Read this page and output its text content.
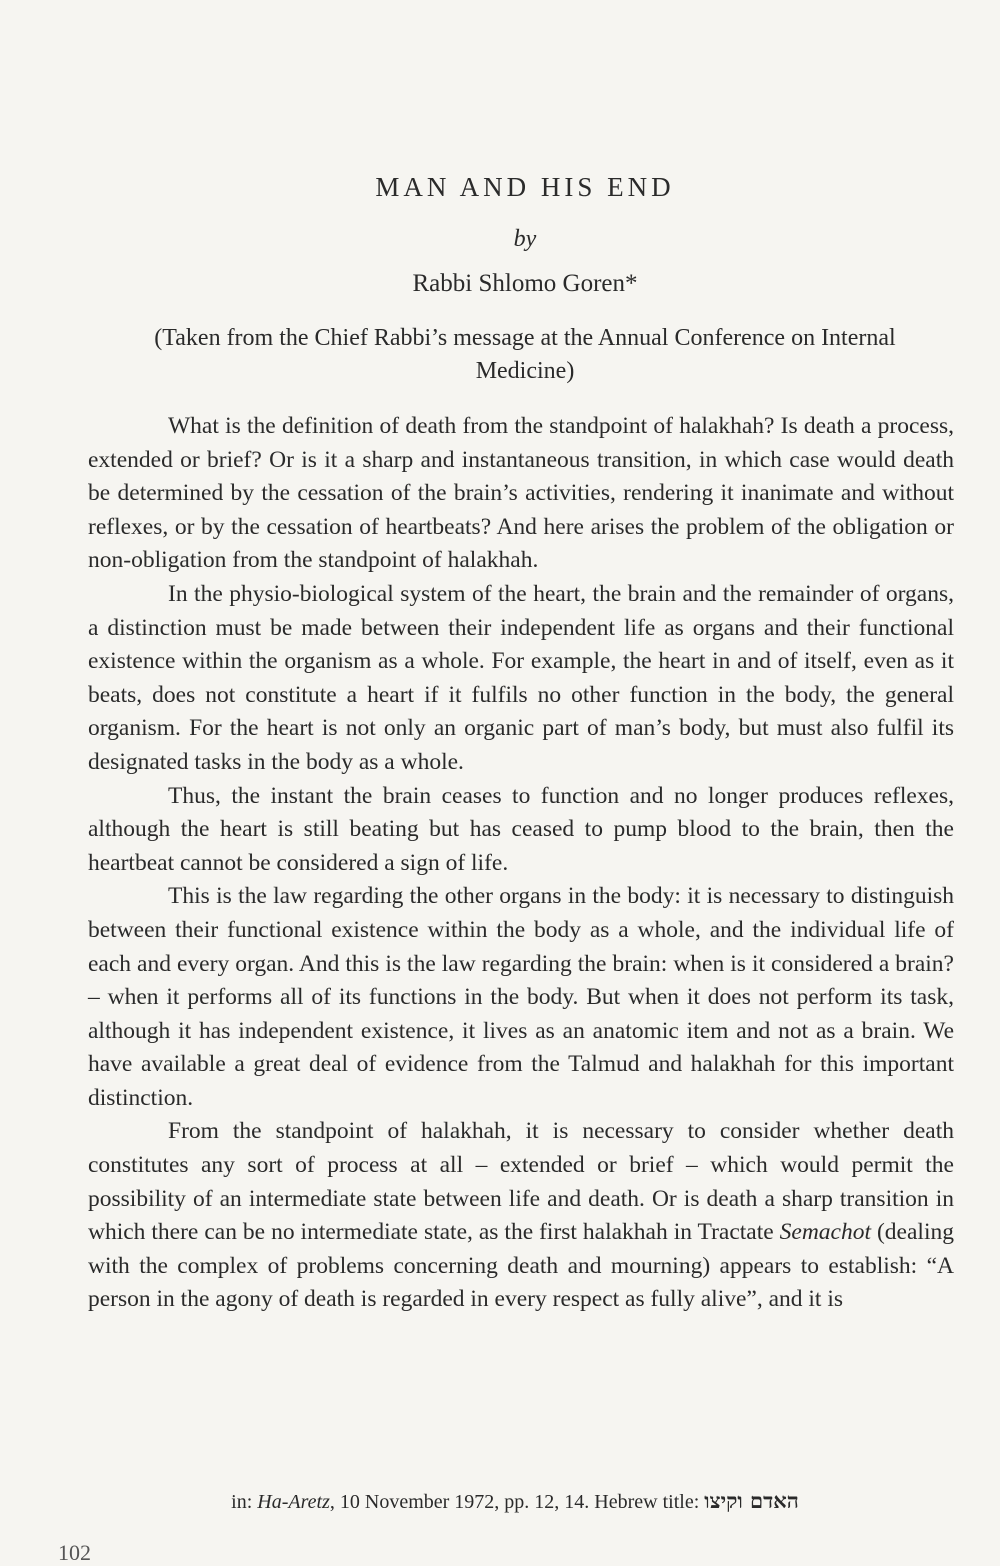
MAN AND HIS END
by
Rabbi Shlomo Goren*
(Taken from the Chief Rabbi’s message at the Annual Conference on Internal Medicine)

What is the definition of death from the standpoint of halakhah? Is death a process, extended or brief? Or is it a sharp and instantaneous transition, in which case would death be determined by the cessation of the brain’s activities, rendering it inanimate and without reflexes, or by the cessation of heartbeats? And here arises the problem of the obligation or non-obligation from the standpoint of halakhah.

In the physio-biological system of the heart, the brain and the remainder of organs, a distinction must be made between their independent life as organs and their functional existence within the organism as a whole. For example, the heart in and of itself, even as it beats, does not constitute a heart if it fulfils no other function in the body, the general organism. For the heart is not only an organic part of man’s body, but must also fulfil its designated tasks in the body as a whole.

Thus, the instant the brain ceases to function and no longer produces reflexes, although the heart is still beating but has ceased to pump blood to the brain, then the heartbeat cannot be considered a sign of life.

This is the law regarding the other organs in the body: it is necessary to distinguish between their functional existence within the body as a whole, and the individual life of each and every organ. And this is the law regarding the brain: when is it considered a brain? – when it performs all of its functions in the body. But when it does not perform its task, although it has independent existence, it lives as an anatomic item and not as a brain. We have available a great deal of evidence from the Talmud and halakhah for this important distinction.

From the standpoint of halakhah, it is necessary to consider whether death constitutes any sort of process at all – extended or brief – which would permit the possibility of an intermediate state between life and death. Or is death a sharp transition in which there can be no intermediate state, as the first halakhah in Tractate Semachot (dealing with the complex of problems concerning death and mourning) appears to establish: “A person in the agony of death is regarded in every respect as fully alive”, and it is

in: Ha-Aretz, 10 November 1972, pp. 12, 14. Hebrew title: האדם וקיצו
102
